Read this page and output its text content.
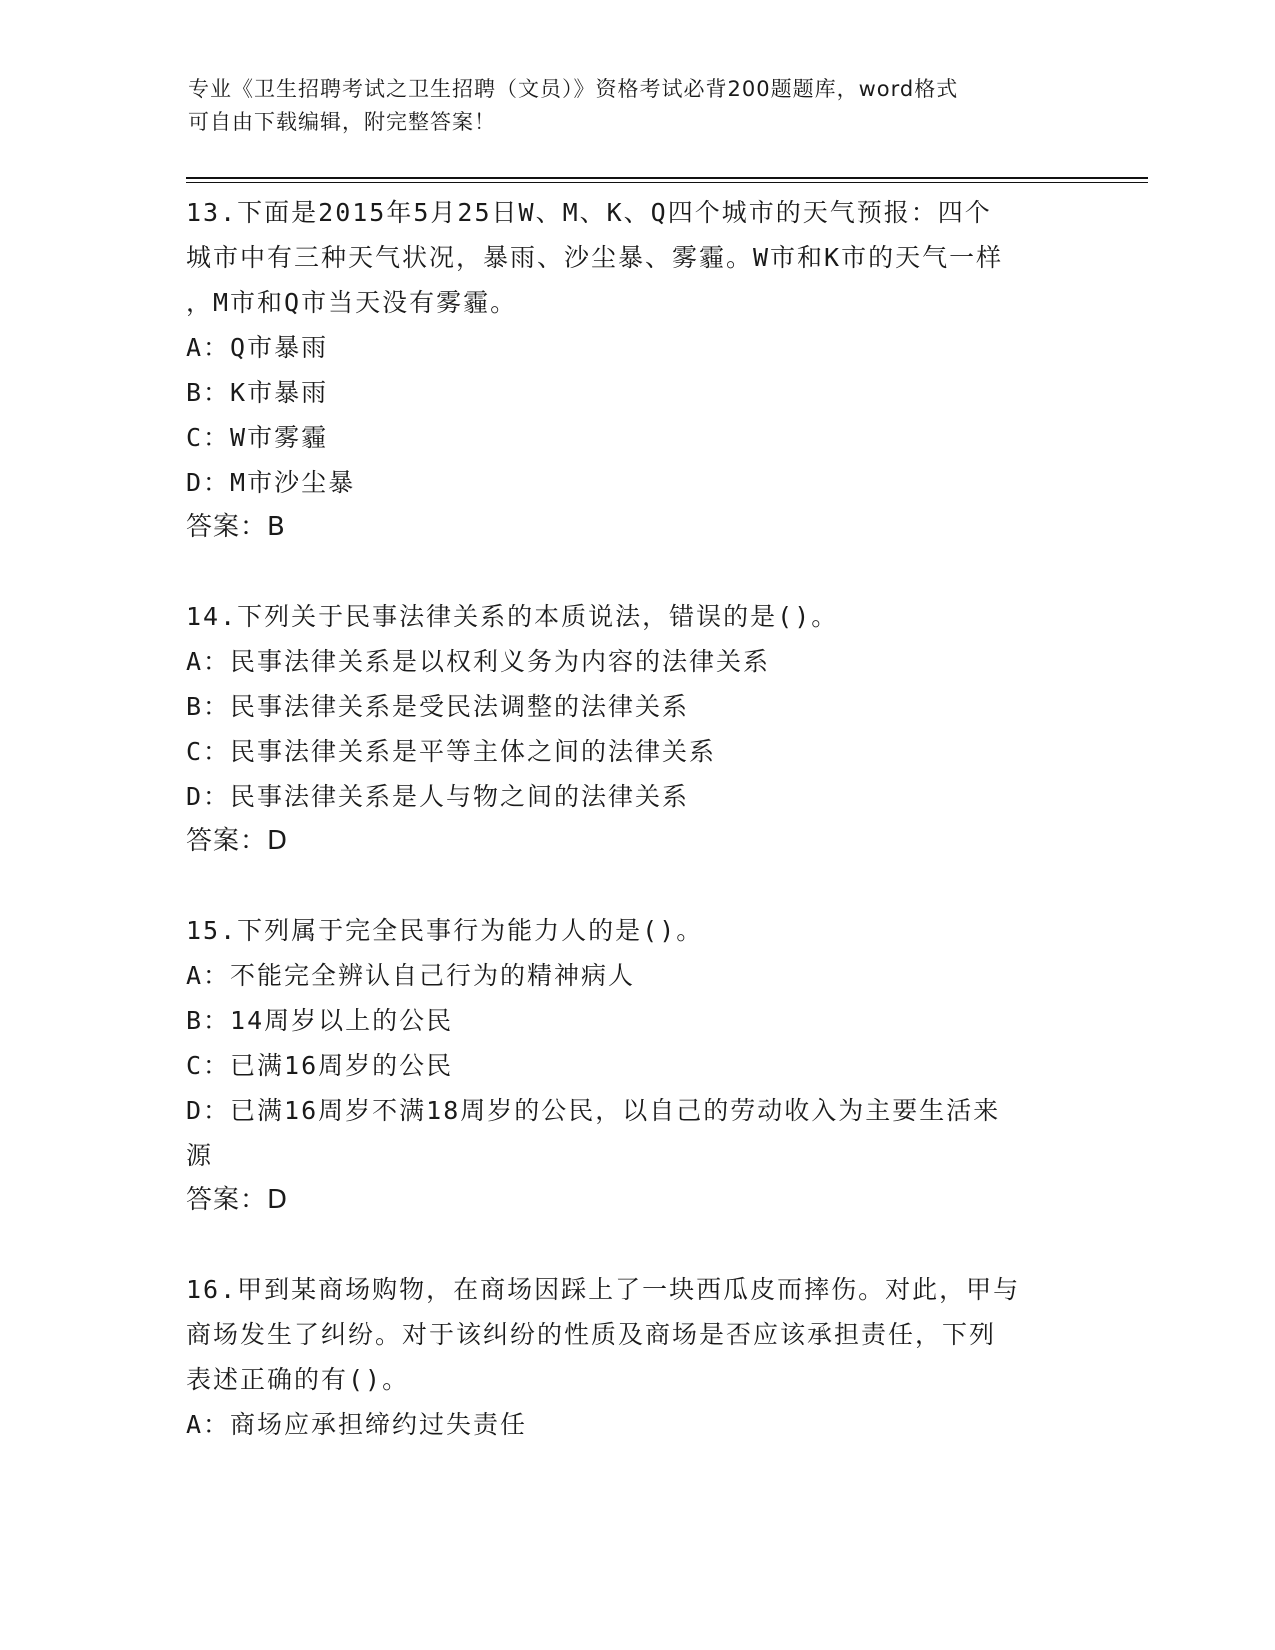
专业《卫生招聘考试之卫生招聘（文员）》资格考试必背200题题库，word格式
可自由下载编辑，附完整答案！
13.下面是2015年5月25日W、M、K、Q四个城市的天气预报：四个
城市中有三种天气状况，暴雨、沙尘暴、雾霾。W市和K市的天气一样
，M市和Q市当天没有雾霾。
A：Q市暴雨
B：K市暴雨
C：W市雾霾
D：M市沙尘暴
答案：B
14.下列关于民事法律关系的本质说法，错误的是()。
A：民事法律关系是以权利义务为内容的法律关系
B：民事法律关系是受民法调整的法律关系
C：民事法律关系是平等主体之间的法律关系
D：民事法律关系是人与物之间的法律关系
答案：D
15.下列属于完全民事行为能力人的是()。
A：不能完全辨认自己行为的精神病人
B：14周岁以上的公民
C：已满16周岁的公民
D：已满16周岁不满18周岁的公民，以自己的劳动收入为主要生活来
源
答案：D
16.甲到某商场购物，在商场因踩上了一块西瓜皮而摔伤。对此，甲与
商场发生了纠纷。对于该纠纷的性质及商场是否应该承担责任，下列
表述正确的有()。
A：商场应承担缔约过失责任
